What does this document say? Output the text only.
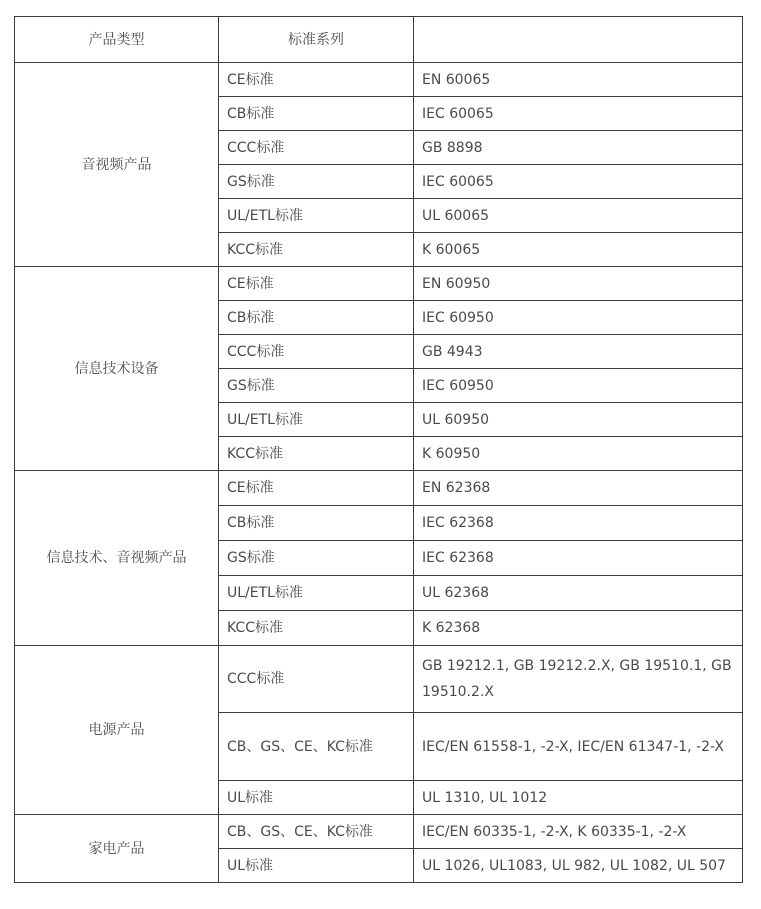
产品类型	标准系列	
音视频产品	CE标准	EN 60065
	CB标准	IEC 60065
	CCC标准	GB 8898
	GS标准	IEC 60065
	UL/ETL标准	UL 60065
	KCC标准	K 60065
信息技术设备	CE标准	EN 60950
	CB标准	IEC 60950
	CCC标准	GB 4943
	GS标准	IEC 60950
	UL/ETL标准	UL 60950
	KCC标准	K 60950
信息技术、音视频产品	CE标准	EN 62368
	CB标准	IEC 62368
	GS标准	IEC 62368
	UL/ETL标准	UL 62368
	KCC标准	K 62368
电源产品	CCC标准	GB 19212.1, GB 19212.2.X, GB 19510.1, GB 19510.2.X
	CB、GS、CE、KC标准	IEC/EN 61558-1, -2-X, IEC/EN 61347-1, -2-X
	UL标准	UL 1310, UL 1012
家电产品	CB、GS、CE、KC标准	IEC/EN 60335-1, -2-X, K 60335-1, -2-X
	UL标准	UL 1026, UL1083, UL 982, UL 1082, UL 507
